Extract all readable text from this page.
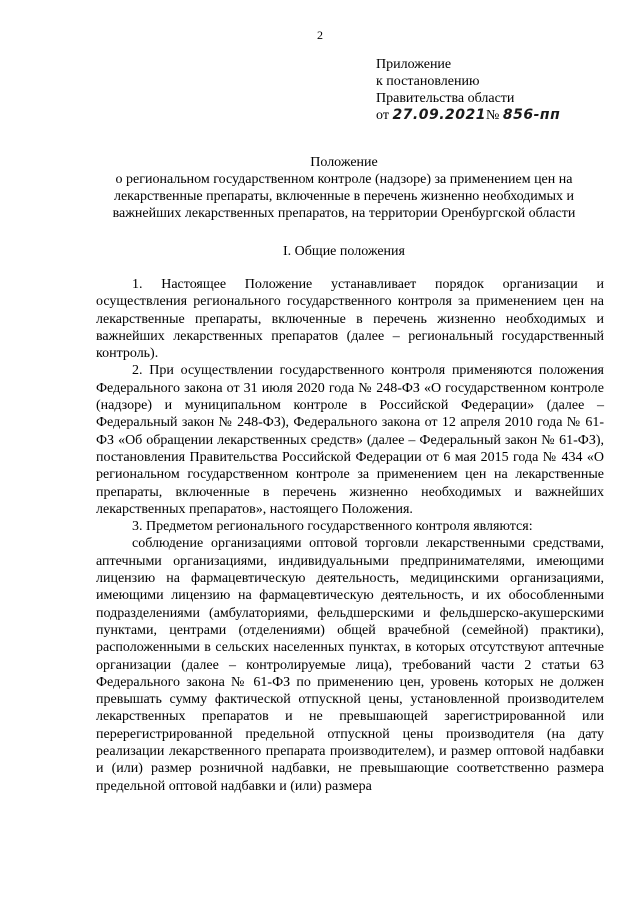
2
Приложение
к постановлению
Правительства области
от 27.09.2021№ 856-пп
Положение
о региональном государственном контроле (надзоре) за применением цен на лекарственные препараты, включенные в перечень жизненно необходимых и важнейших лекарственных препаратов, на территории Оренбургской области
I. Общие положения

1. Настоящее Положение устанавливает порядок организации и осуществления регионального государственного контроля за применением цен на лекарственные препараты, включенные в перечень жизненно необходимых и важнейших лекарственных препаратов (далее – региональный государственный контроль).

2. При осуществлении государственного контроля применяются положения Федерального закона от 31 июля 2020 года № 248-ФЗ «О государственном контроле (надзоре) и муниципальном контроле в Российской Федерации» (далее – Федеральный закон № 248-ФЗ), Федерального закона от 12 апреля 2010 года № 61-ФЗ «Об обращении лекарственных средств» (далее – Федеральный закон № 61-ФЗ), постановления Правительства Российской Федерации от 6 мая 2015 года № 434 «О региональном государственном контроле за применением цен на лекарственные препараты, включенные в перечень жизненно необходимых и важнейших лекарственных препаратов», настоящего Положения.

3. Предметом регионального государственного контроля являются:

соблюдение организациями оптовой торговли лекарственными средствами, аптечными организациями, индивидуальными предпринимателями, имеющими лицензию на фармацевтическую деятельность, медицинскими организациями, имеющими лицензию на фармацевтическую деятельность, и их обособленными подразделениями (амбулаториями, фельдшерскими и фельдшерско-акушерскими пунктами, центрами (отделениями) общей врачебной (семейной) практики), расположенными в сельских населенных пунктах, в которых отсутствуют аптечные организации (далее – контролируемые лица), требований части 2 статьи 63 Федерального закона № 61-ФЗ по применению цен, уровень которых не должен превышать сумму фактической отпускной цены, установленной производителем лекарственных препаратов и не превышающей зарегистрированной или перерегистрированной предельной отпускной цены производителя (на дату реализации лекарственного препарата производителем), и размер оптовой надбавки и (или) размер розничной надбавки, не превышающие соответственно размера предельной оптовой надбавки и (или) размера
